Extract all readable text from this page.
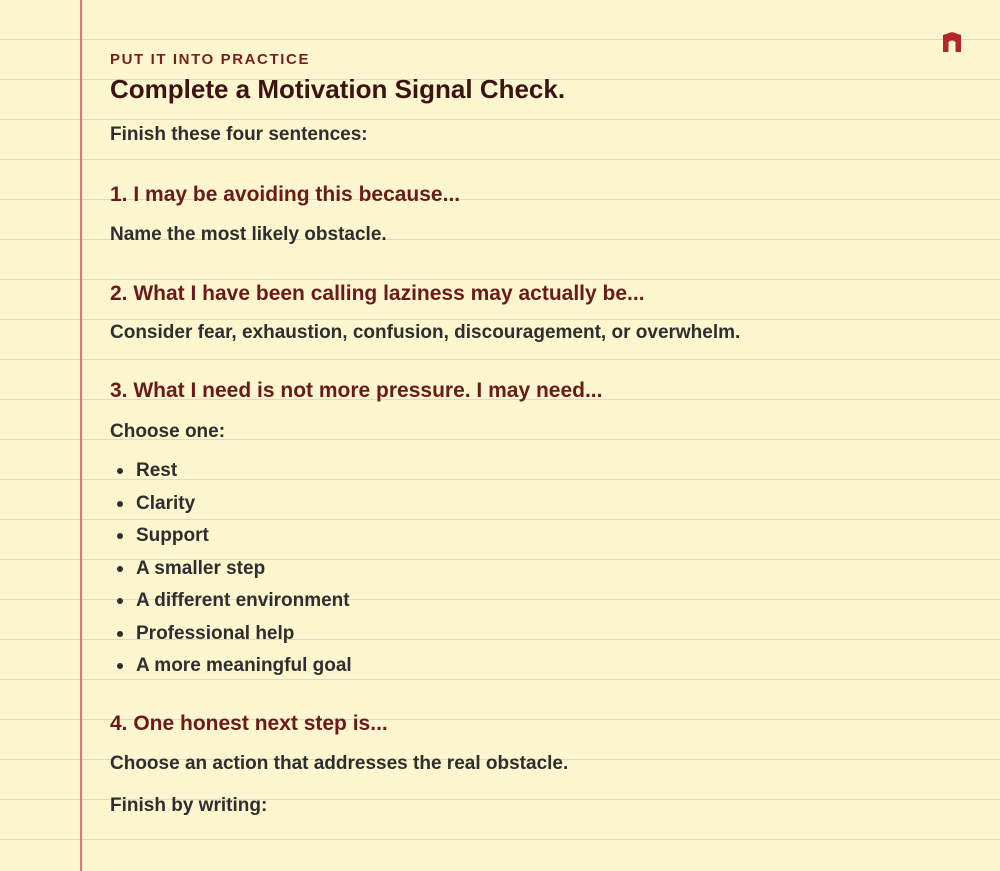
PUT IT INTO PRACTICE
Complete a Motivation Signal Check.

Finish these four sentences:

1. I may be avoiding this because...

Name the most likely obstacle.

2. What I have been calling laziness may actually be...

Consider fear, exhaustion, confusion, discouragement, or overwhelm.

3. What I need is not more pressure. I may need...

Choose one:

Rest
Clarity
Support
A smaller step
A different environment
Professional help
A more meaningful goal
4. One honest next step is...

Choose an action that addresses the real obstacle.

Finish by writing:
